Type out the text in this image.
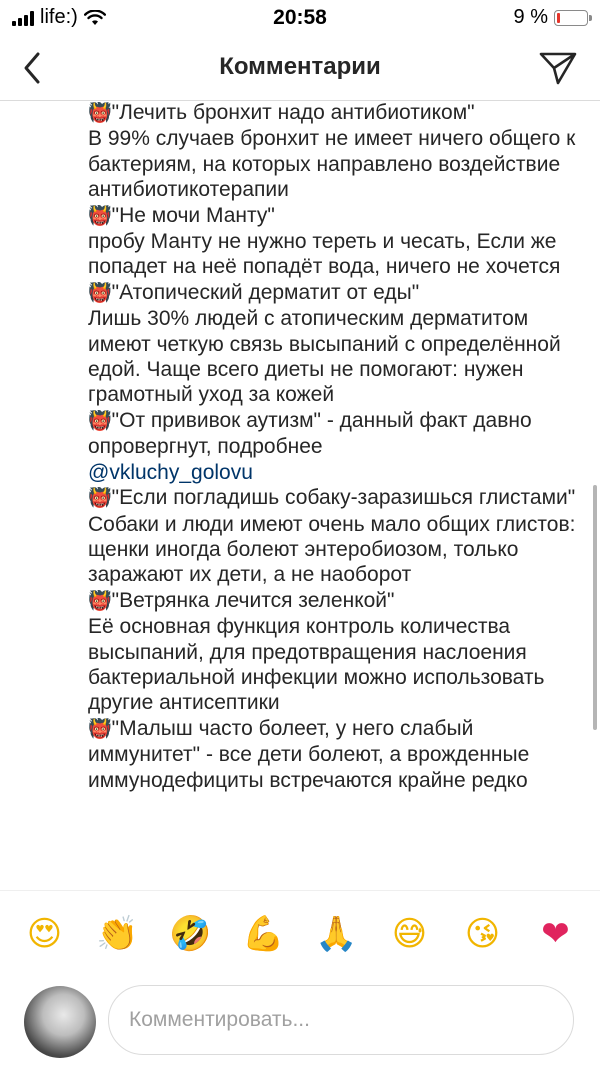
life:)	20:58	9 %
Комментарии

👹"Лечить бронхит надо антибиотиком"

В 99% случаев бронхит не имеет ничего общего к бактериям, на которых направлено воздействие антибиотикотерапии

👹"Не мочи Манту"

пробу Манту не нужно тереть и чесать, Если же попадет на неё попадёт вода, ничего не хочется

👹"Атопический дерматит от еды"

Лишь 30% людей с атопическим дерматитом имеют четкую связь высыпаний с определённой едой. Чаще всего диеты не помогают: нужен грамотный уход за кожей

👹"От прививок аутизм" - данный факт давно опровергнут, подробнее

@vkluchy_golovu

👹"Если погладишь собаку-заразишься глистами" Собаки и люди имеют очень мало общих глистов: щенки иногда болеют энтеробиозом, только заражают их дети, а не наоборот

👹"Ветрянка лечится зеленкой"

Её основная функция контроль количества высыпаний, для предотвращения наслоения бактериальной инфекции можно использовать другие антисептики

👹"Малыш часто болеет, у него слабый иммунитет" - все дети болеют, а врожденные иммунодефициты встречаются крайне редко

😍 👏 🤣 💪 🙏 😅 😘 ❤
Комментировать...
